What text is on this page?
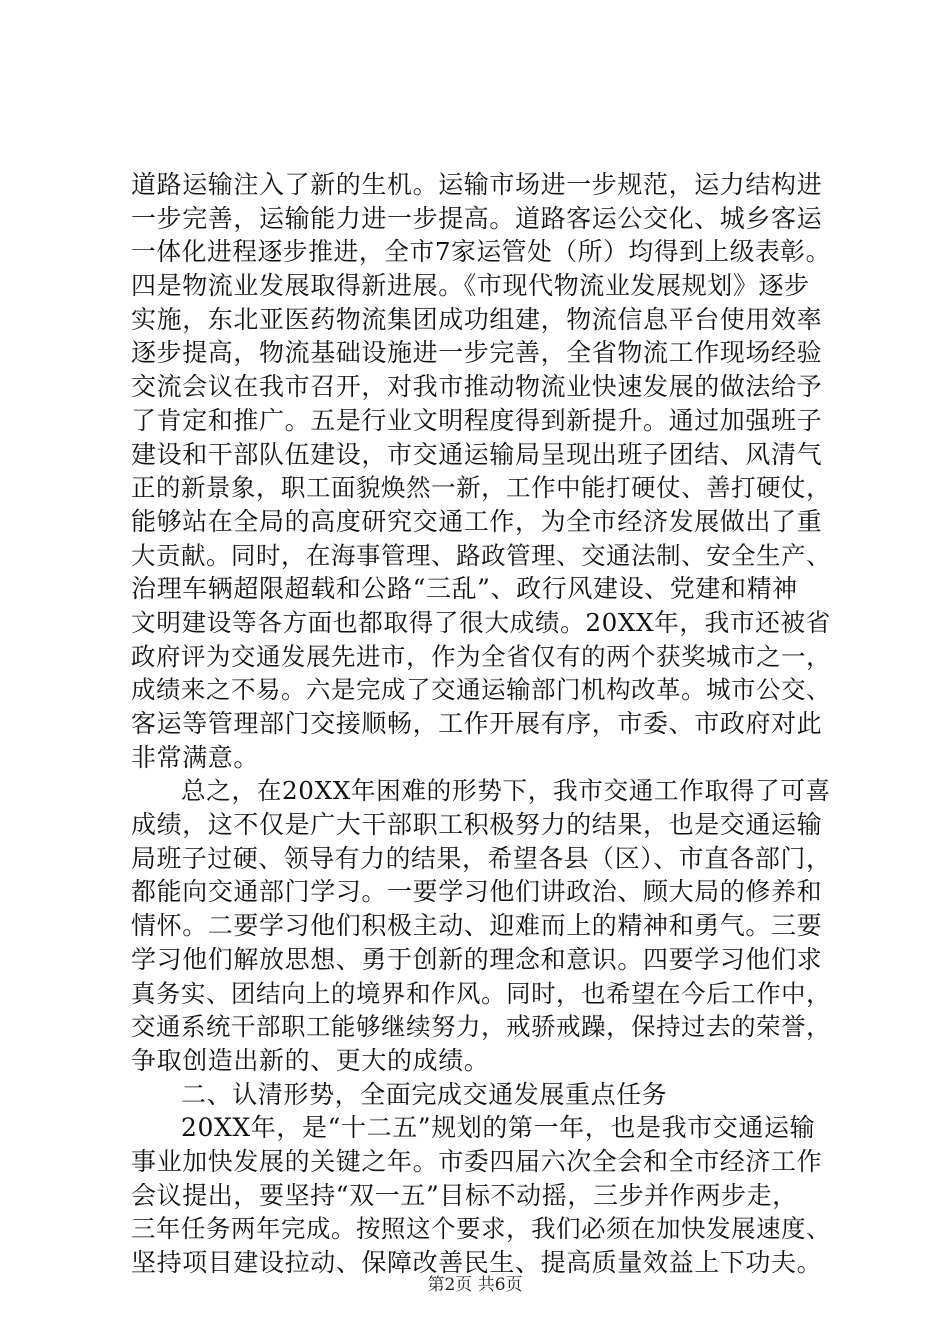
道路运输注入了新的生机。运输市场进一步规范，运力结构进
一步完善，运输能力进一步提高。道路客运公交化、城乡客运
一体化进程逐步推进，全市7家运管处（所）均得到上级表彰。
四是物流业发展取得新进展。《市现代物流业发展规划》逐步
实施，东北亚医药物流集团成功组建，物流信息平台使用效率
逐步提高，物流基础设施进一步完善，全省物流工作现场经验
交流会议在我市召开，对我市推动物流业快速发展的做法给予
了肯定和推广。五是行业文明程度得到新提升。通过加强班子
建设和干部队伍建设，市交通运输局呈现出班子团结、风清气
正的新景象，职工面貌焕然一新，工作中能打硬仗、善打硬仗，
能够站在全局的高度研究交通工作，为全市经济发展做出了重
大贡献。同时，在海事管理、路政管理、交通法制、安全生产、
治理车辆超限超载和公路“三乱”、政行风建设、党建和精神
文明建设等各方面也都取得了很大成绩。20XX年，我市还被省
政府评为交通发展先进市，作为全省仅有的两个获奖城市之一，
成绩来之不易。六是完成了交通运输部门机构改革。城市公交、
客运等管理部门交接顺畅，工作开展有序，市委、市政府对此
非常满意。
总之，在20XX年困难的形势下，我市交通工作取得了可喜
成绩，这不仅是广大干部职工积极努力的结果，也是交通运输
局班子过硬、领导有力的结果，希望各县（区）、市直各部门，
都能向交通部门学习。一要学习他们讲政治、顾大局的修养和
情怀。二要学习他们积极主动、迎难而上的精神和勇气。三要
学习他们解放思想、勇于创新的理念和意识。四要学习他们求
真务实、团结向上的境界和作风。同时，也希望在今后工作中，
交通系统干部职工能够继续努力，戒骄戒躁，保持过去的荣誉，
争取创造出新的、更大的成绩。
二、认清形势，全面完成交通发展重点任务
20XX年，是“十二五”规划的第一年，也是我市交通运输
事业加快发展的关键之年。市委四届六次全会和全市经济工作
会议提出，要坚持“双一五”目标不动摇，三步并作两步走，
三年任务两年完成。按照这个要求，我们必须在加快发展速度、
坚持项目建设拉动、保障改善民生、提高质量效益上下功夫。
第2页 共6页
